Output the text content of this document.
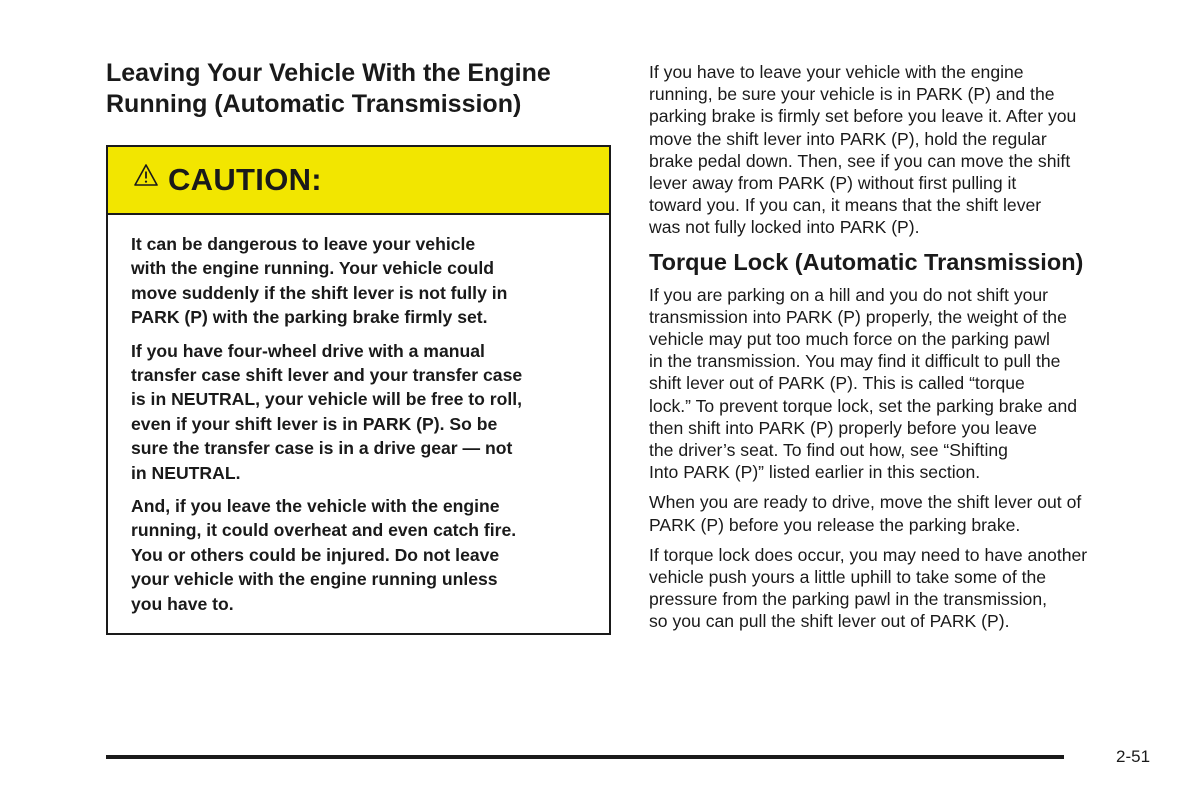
Leaving Your Vehicle With the Engine
Running (Automatic Transmission)
CAUTION:

It can be dangerous to leave your vehicle
with the engine running. Your vehicle could
move suddenly if the shift lever is not fully in
PARK (P) with the parking brake firmly set.

If you have four-wheel drive with a manual
transfer case shift lever and your transfer case
is in NEUTRAL, your vehicle will be free to roll,
even if your shift lever is in PARK (P). So be
sure the transfer case is in a drive gear — not
in NEUTRAL.

And, if you leave the vehicle with the engine
running, it could overheat and even catch fire.
You or others could be injured. Do not leave
your vehicle with the engine running unless
you have to.

If you have to leave your vehicle with the engine
running, be sure your vehicle is in PARK (P) and the
parking brake is firmly set before you leave it. After you
move the shift lever into PARK (P), hold the regular
brake pedal down. Then, see if you can move the shift
lever away from PARK (P) without first pulling it
toward you. If you can, it means that the shift lever
was not fully locked into PARK (P).

Torque Lock (Automatic Transmission)

If you are parking on a hill and you do not shift your
transmission into PARK (P) properly, the weight of the
vehicle may put too much force on the parking pawl
in the transmission. You may find it difficult to pull the
shift lever out of PARK (P). This is called “torque
lock.” To prevent torque lock, set the parking brake and
then shift into PARK (P) properly before you leave
the driver’s seat. To find out how, see “Shifting
Into PARK (P)” listed earlier in this section.

When you are ready to drive, move the shift lever out of
PARK (P) before you release the parking brake.

If torque lock does occur, you may need to have another
vehicle push yours a little uphill to take some of the
pressure from the parking pawl in the transmission,
so you can pull the shift lever out of PARK (P).

2-51
